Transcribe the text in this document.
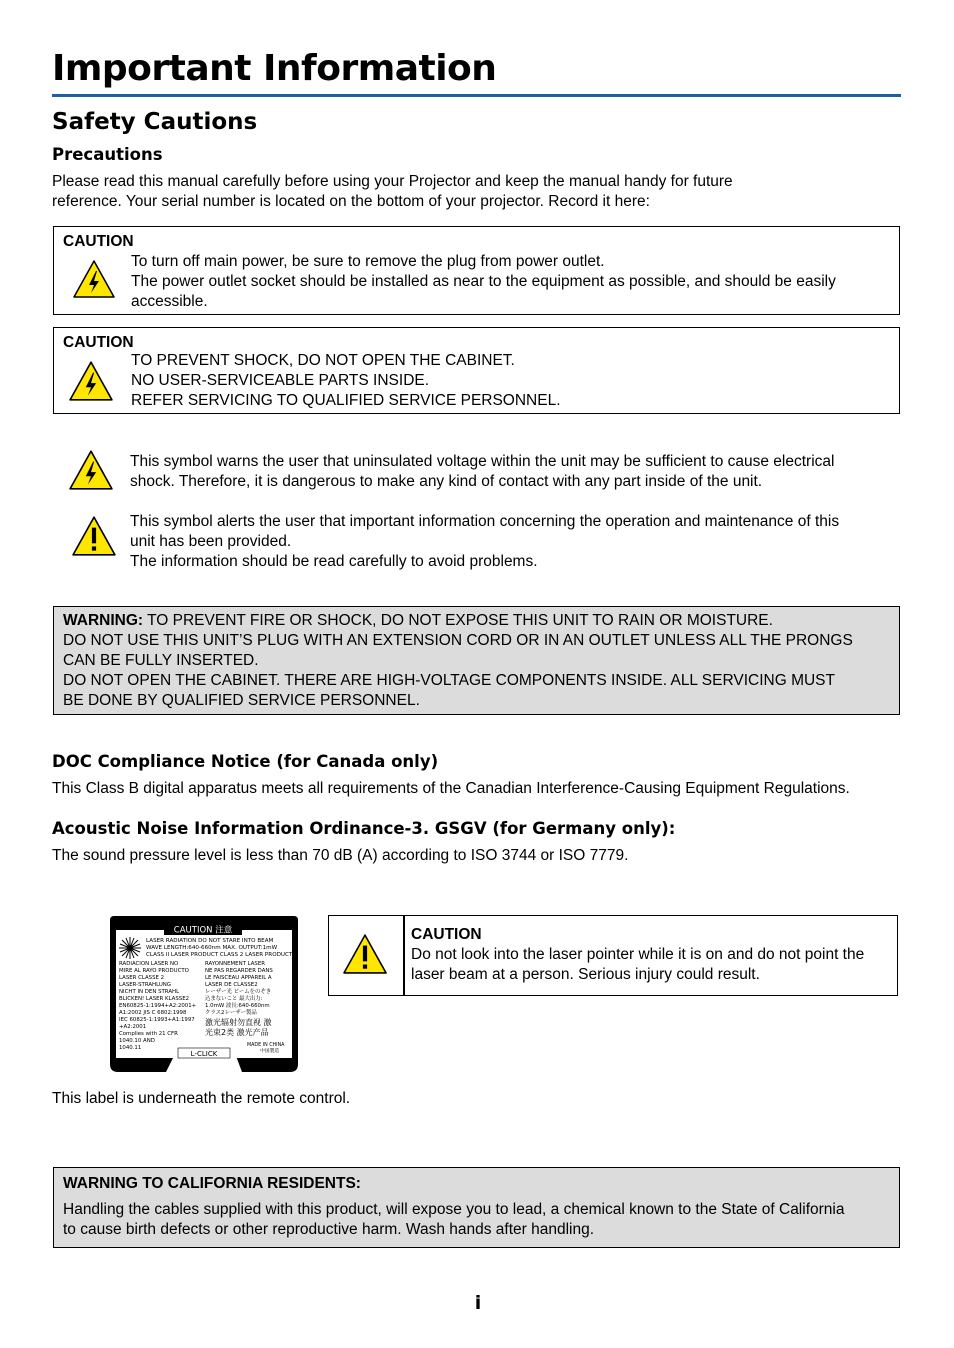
Important Information
Safety Cautions
Precautions

Please read this manual carefully before using your Projector and keep the manual handy for future

reference. Your serial number is located on the bottom of your projector. Record it here:

CAUTION
To turn off main power, be sure to remove the plug from power outlet.
The power outlet socket should be installed as near to the equipment as possible, and should be easily
accessible.
CAUTION
TO PREVENT SHOCK, DO NOT OPEN THE CABINET.
NO USER-SERVICEABLE PARTS INSIDE.
REFER SERVICING TO QUALIFIED SERVICE PERSONNEL.
This symbol warns the user that uninsulated voltage within the unit may be sufficient to cause electrical
shock. Therefore, it is dangerous to make any kind of contact with any part inside of the unit.
This symbol alerts the user that important information concerning the operation and maintenance of this
unit has been provided.
The information should be read carefully to avoid problems.
WARNING: TO PREVENT FIRE OR SHOCK, DO NOT EXPOSE THIS UNIT TO RAIN OR MOISTURE.
DO NOT USE THIS UNIT’S PLUG WITH AN EXTENSION CORD OR IN AN OUTLET UNLESS ALL THE PRONGS
CAN BE FULLY INSERTED.
DO NOT OPEN THE CABINET. THERE ARE HIGH-VOLTAGE COMPONENTS INSIDE. ALL SERVICING MUST
BE DONE BY QUALIFIED SERVICE PERSONNEL.
DOC Compliance Notice (for Canada only)

This Class B digital apparatus meets all requirements of the Canadian Interference-Causing Equipment Regulations.

Acoustic Noise Information Ordinance-3. GSGV (for Germany only):

The sound pressure level is less than 70 dB (A) according to ISO 3744 or ISO 7779.

CAUTION 注意
LASER RADIATION DO NOT STARE INTO BEAM
WAVE LENGTH:640-660nm MAX. OUTPUT:1mW
CLASS II LASER PRODUCT CLASS 2 LASER PRODUCT
RADIACION LASER NO
MIRE AL RAYO PRODUCTO
LASER CLASSE 2
LASER-STRAHLUNG
NICHT IN DEN STRAHL
BLICKEN! LASER KLASSE2
EN60825-1:1994+A2:2001+
A1:2002 JIS C 6802:1998
IEC 60825-1:1993+A1:1997
+A2:2001
Complies with 21 CFR
1040.10 AND
1040.11
RAYONNEMENT LASER
NE PAS REGARDER DANS
LE FAISCEAU APPAREIL A
LASER DE CLASSE2
レーザー光 ビームをのぞき
込まないこと 最大出力:
1.0mW 波長:640-660nm
クラス2レーザー製品
激光辐射勿直视 激
光束2类 激光产品
MADE IN CHINA
中国製造
L-CLICK
CAUTION
Do not look into the laser pointer while it is on and do not point the
laser beam at a person. Serious injury could result.

This label is underneath the remote control.

WARNING TO CALIFORNIA RESIDENTS:
Handling the cables supplied with this product, will expose you to lead, a chemical known to the State of California
to cause birth defects or other reproductive harm. Wash hands after handling.
i
